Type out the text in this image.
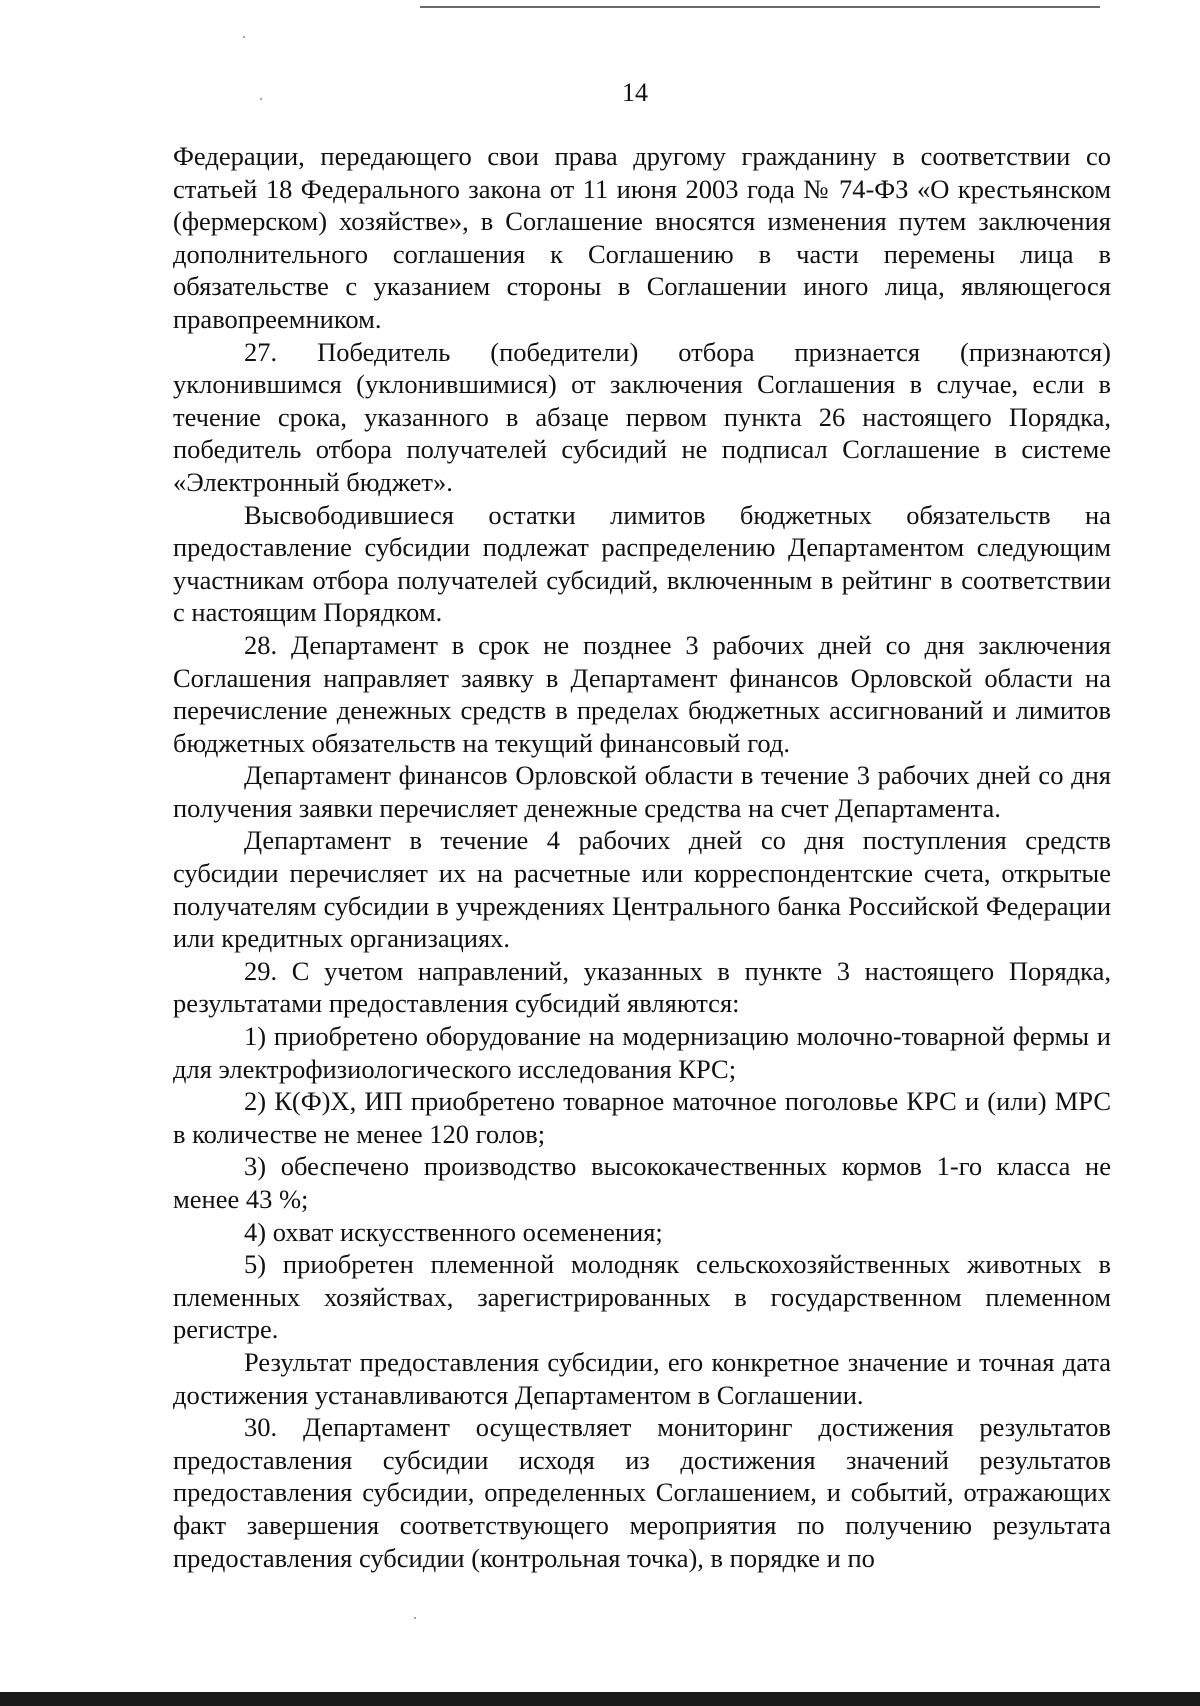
14

Федерации, передающего свои права другому гражданину в соответствии со статьей 18 Федерального закона от 11 июня 2003 года № 74-ФЗ «О крестьянском (фермерском) хозяйстве», в Соглашение вносятся изменения путем заключения дополнительного соглашения к Соглашению в части перемены лица в обязательстве с указанием стороны в Соглашении иного лица, являющегося правопреемником.

27. Победитель (победители) отбора признается (признаются) уклонившимся (уклонившимися) от заключения Соглашения в случае, если в течение срока, указанного в абзаце первом пункта 26 настоящего Порядка, победитель отбора получателей субсидий не подписал Соглашение в системе «Электронный бюджет».

Высвободившиеся остатки лимитов бюджетных обязательств на предоставление субсидии подлежат распределению Департаментом следующим участникам отбора получателей субсидий, включенным в рейтинг в соответствии с настоящим Порядком.

28. Департамент в срок не позднее 3 рабочих дней со дня заключения Соглашения направляет заявку в Департамент финансов Орловской области на перечисление денежных средств в пределах бюджетных ассигнований и лимитов бюджетных обязательств на текущий финансовый год.

Департамент финансов Орловской области в течение 3 рабочих дней со дня получения заявки перечисляет денежные средства на счет Департамента.

Департамент в течение 4 рабочих дней со дня поступления средств субсидии перечисляет их на расчетные или корреспондентские счета, открытые получателям субсидии в учреждениях Центрального банка Российской Федерации или кредитных организациях.

29. С учетом направлений, указанных в пункте 3 настоящего Порядка, результатами предоставления субсидий являются:

1) приобретено оборудование на модернизацию молочно-товарной фермы и для электрофизиологического исследования КРС;

2) К(Ф)Х, ИП приобретено товарное маточное поголовье КРС и (или) МРС в количестве не менее 120 голов;

3) обеспечено производство высококачественных кормов 1-го класса не менее 43 %;

4) охват искусственного осеменения;

5) приобретен племенной молодняк сельскохозяйственных животных в племенных хозяйствах, зарегистрированных в государственном племенном регистре.

Результат предоставления субсидии, его конкретное значение и точная дата достижения устанавливаются Департаментом в Соглашении.

30. Департамент осуществляет мониторинг достижения результатов предоставления субсидии исходя из достижения значений результатов предоставления субсидии, определенных Соглашением, и событий, отражающих факт завершения соответствующего мероприятия по получению результата предоставления субсидии (контрольная точка), в порядке и по
